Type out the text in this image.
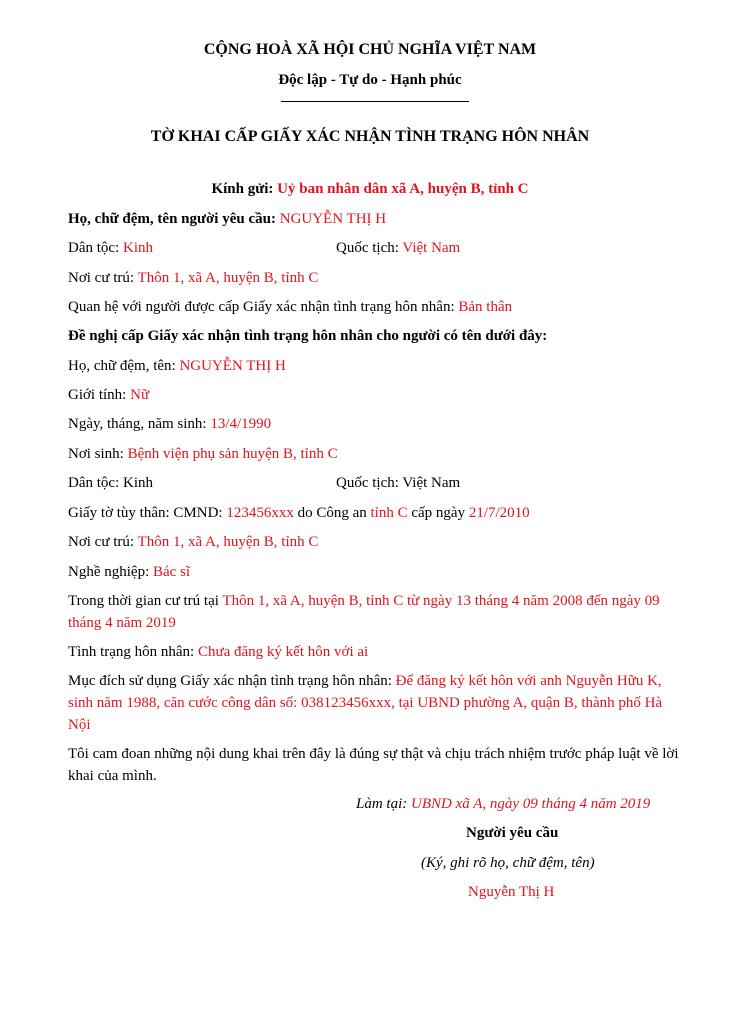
CỘNG HOÀ XÃ HỘI CHỦ NGHĨA VIỆT NAM
Độc lập - Tự do - Hạnh phúc
TỜ KHAI CẤP GIẤY XÁC NHẬN TÌNH TRẠNG HÔN NHÂN
Kính gửi: Uỷ ban nhân dân xã A, huyện B, tỉnh C
Họ, chữ đệm, tên người yêu cầu: NGUYỄN THỊ H
Dân tộc: Kinh	Quốc tịch: Việt Nam
Nơi cư trú: Thôn 1, xã A, huyện B, tỉnh C
Quan hệ với người được cấp Giấy xác nhận tình trạng hôn nhân: Bản thân
Đề nghị cấp Giấy xác nhận tình trạng hôn nhân cho người có tên dưới đây:
Họ, chữ đệm, tên: NGUYỄN THỊ H
Giới tính: Nữ
Ngày, tháng, năm sinh: 13/4/1990
Nơi sinh: Bệnh viện phụ sản huyện B, tỉnh C
Dân tộc: Kinh	Quốc tịch: Việt Nam
Giấy tờ tùy thân: CMND: 123456xxx do Công an tỉnh C cấp ngày 21/7/2010
Nơi cư trú: Thôn 1, xã A, huyện B, tỉnh C
Nghề nghiệp: Bác sĩ
Trong thời gian cư trú tại Thôn 1, xã A, huyện B, tỉnh C từ ngày 13 tháng 4 năm 2008 đến ngày 09 tháng 4 năm 2019
Tình trạng hôn nhân: Chưa đăng ký kết hôn với ai
Mục đích sử dụng Giấy xác nhận tình trạng hôn nhân: Để đăng ký kết hôn với anh Nguyễn Hữu K, sinh năm 1988, căn cước công dân số: 038123456xxx, tại UBND phường A, quận B, thành phố Hà Nội
Tôi cam đoan những nội dung khai trên đây là đúng sự thật và chịu trách nhiệm trước pháp luật về lời khai của mình.
Làm tại: UBND xã A, ngày 09 tháng 4 năm 2019
Người yêu cầu
(Ký, ghi rõ họ, chữ đệm, tên)
Nguyễn Thị H
